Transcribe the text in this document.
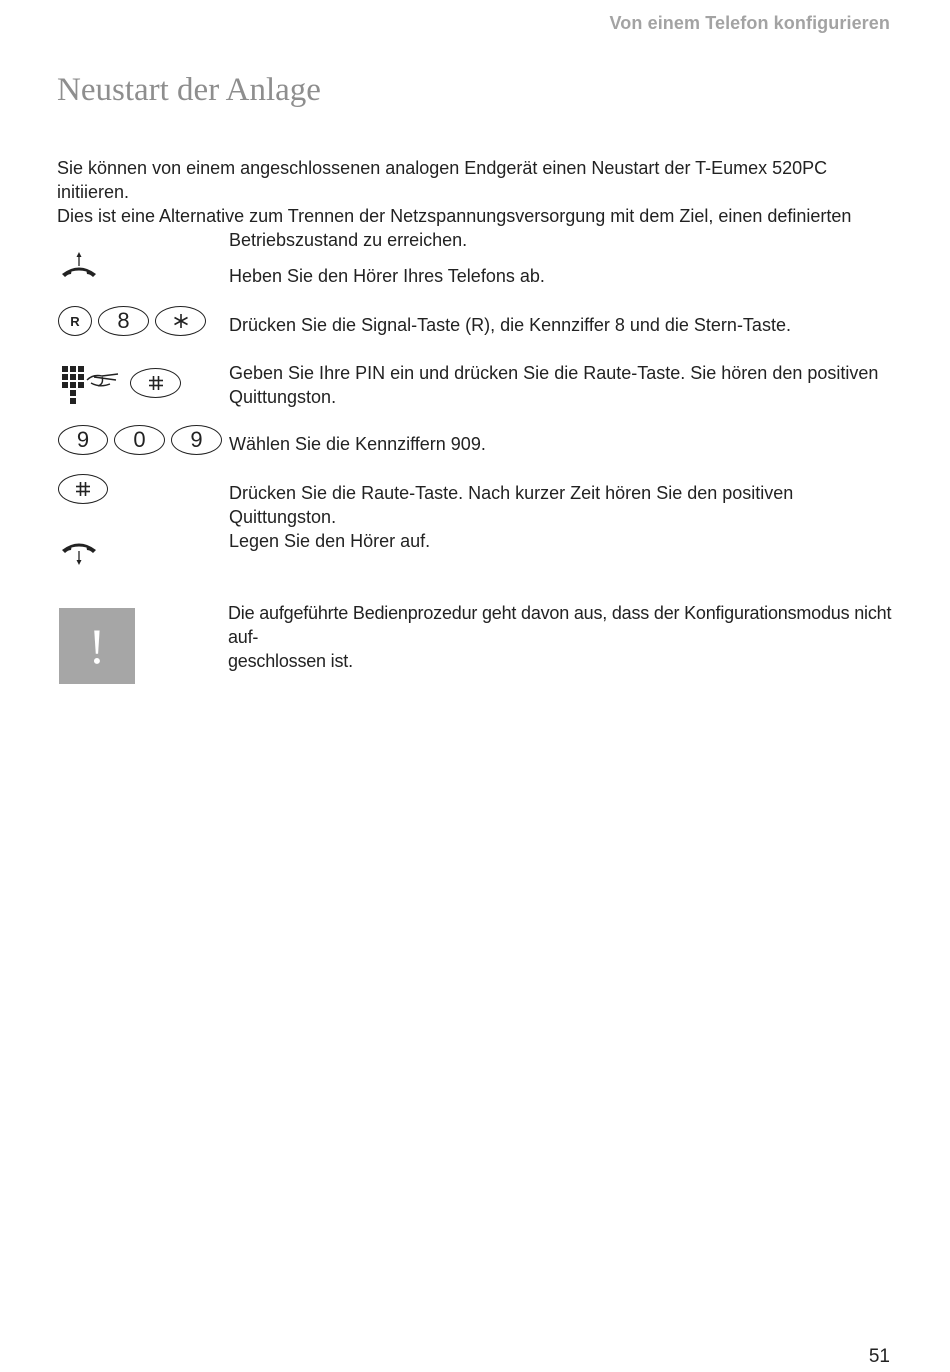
Von einem Telefon konfigurieren
Neustart der Anlage
Sie können von einem angeschlossenen analogen Endgerät einen Neustart der T-Eumex 520PC initiieren.
Dies ist eine Alternative zum Trennen der Netzspannungsversorgung mit dem Ziel, einen definierten
Betriebszustand zu erreichen.
Heben Sie den Hörer Ihres Telefons ab.
R	8	Drücken Sie die Signal-Taste (R), die Kennziffer 8 und die Stern-Taste.
Geben Sie Ihre PIN ein und drücken Sie die Raute-Taste. Sie hören den positiven Quittungston.
9	0	9	Wählen Sie die Kennziffern 909.
Drücken Sie die Raute-Taste. Nach kurzer Zeit hören Sie den positiven Quittungston.
Legen Sie den Hörer auf.
!
Die aufgeführte Bedienprozedur geht davon aus, dass der Konfigurationsmodus nicht auf-
geschlossen ist.
51
